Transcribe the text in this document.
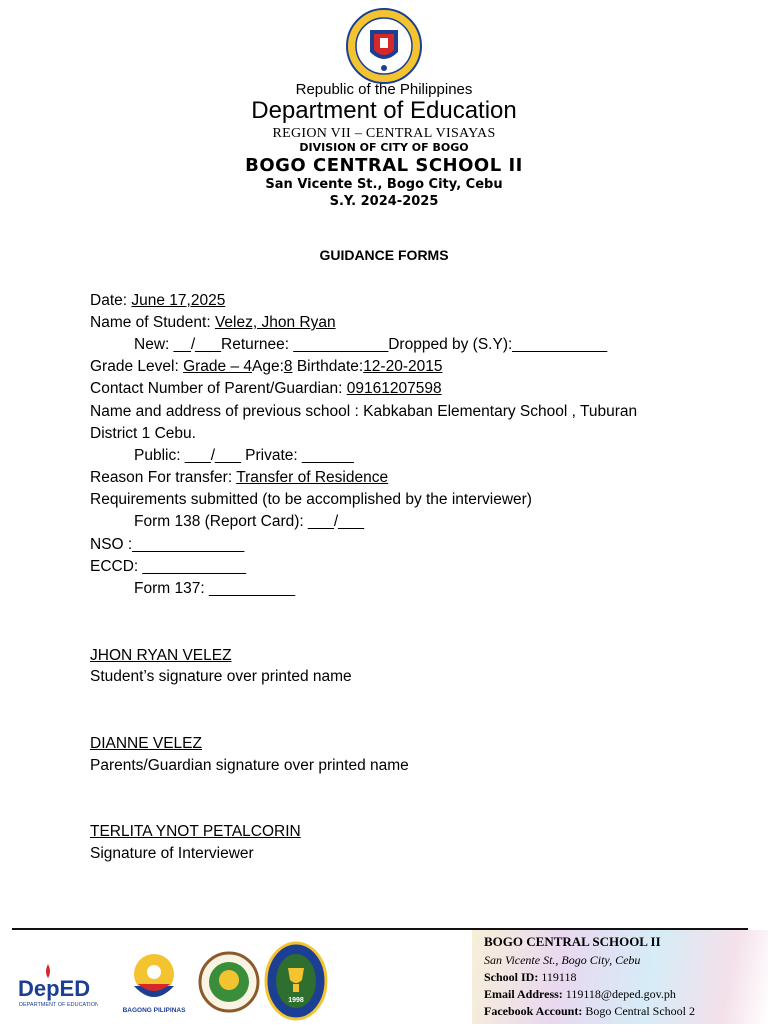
Republic of the Philippines
Department of Education
REGION VII – CENTRAL VISAYAS
DIVISION OF CITY OF BOGO
BOGO CENTRAL SCHOOL II
San Vicente St., Bogo City, Cebu
S.Y. 2024-2025
GUIDANCE FORMS
Date: June 17,2025
Name of Student: Velez, Jhon Ryan
New: __/___Returnee: ___________Dropped by (S.Y):___________
Grade Level: Grade – 4Age:8 Birthdate:12-20-2015
Contact Number of Parent/Guardian: 09161207598
Name and address of previous school : Kabkaban Elementary School , Tuburan
District 1 Cebu.
Public: ___/___ Private: ______
Reason For transfer: Transfer of Residence
Requirements submitted (to be accomplished by the interviewer)
Form 138 (Report Card): ___/___
NSO :_____________
ECCD: ____________
Form 137: __________
JHON RYAN VELEZ
Student’s signature over printed name
DIANNE VELEZ
Parents/Guardian signature over printed name
TERLITA YNOT PETALCORIN
Signature of Interviewer
DepED
DEPARTMENT OF EDUCATION
BAGONG PILIPINAS
1998
BOGO CENTRAL SCHOOL II
San Vicente St., Bogo City, Cebu
School ID: 119118
Email Address: 119118@deped.gov.ph
Facebook Account: Bogo Central School 2
